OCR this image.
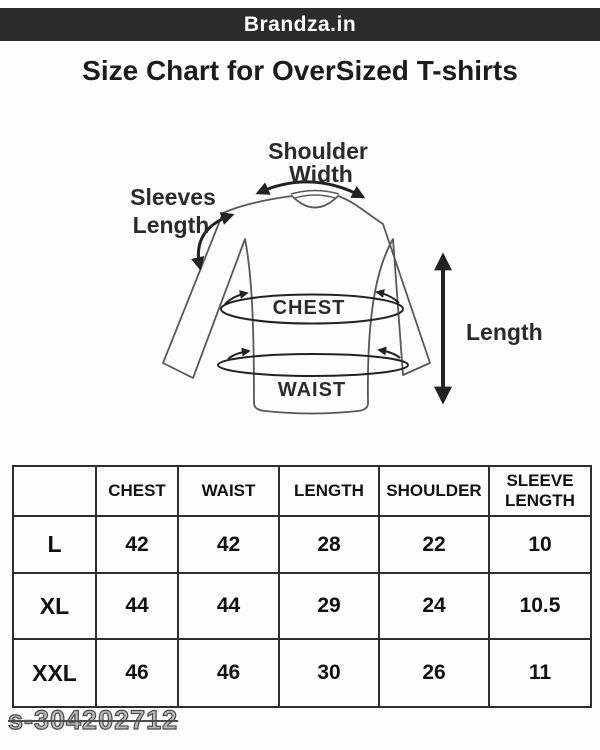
Brandza.in
Size Chart for OverSized T-shirts
Shoulder
Width
Sleeves
Length
CHEST
WAIST
Length
	CHEST	WAIST	LENGTH	SHOULDER	SLEEVE LENGTH
L	42	42	28	22	10
XL	44	44	29	24	10.5
XXL	46	46	30	26	11
s-304202712
